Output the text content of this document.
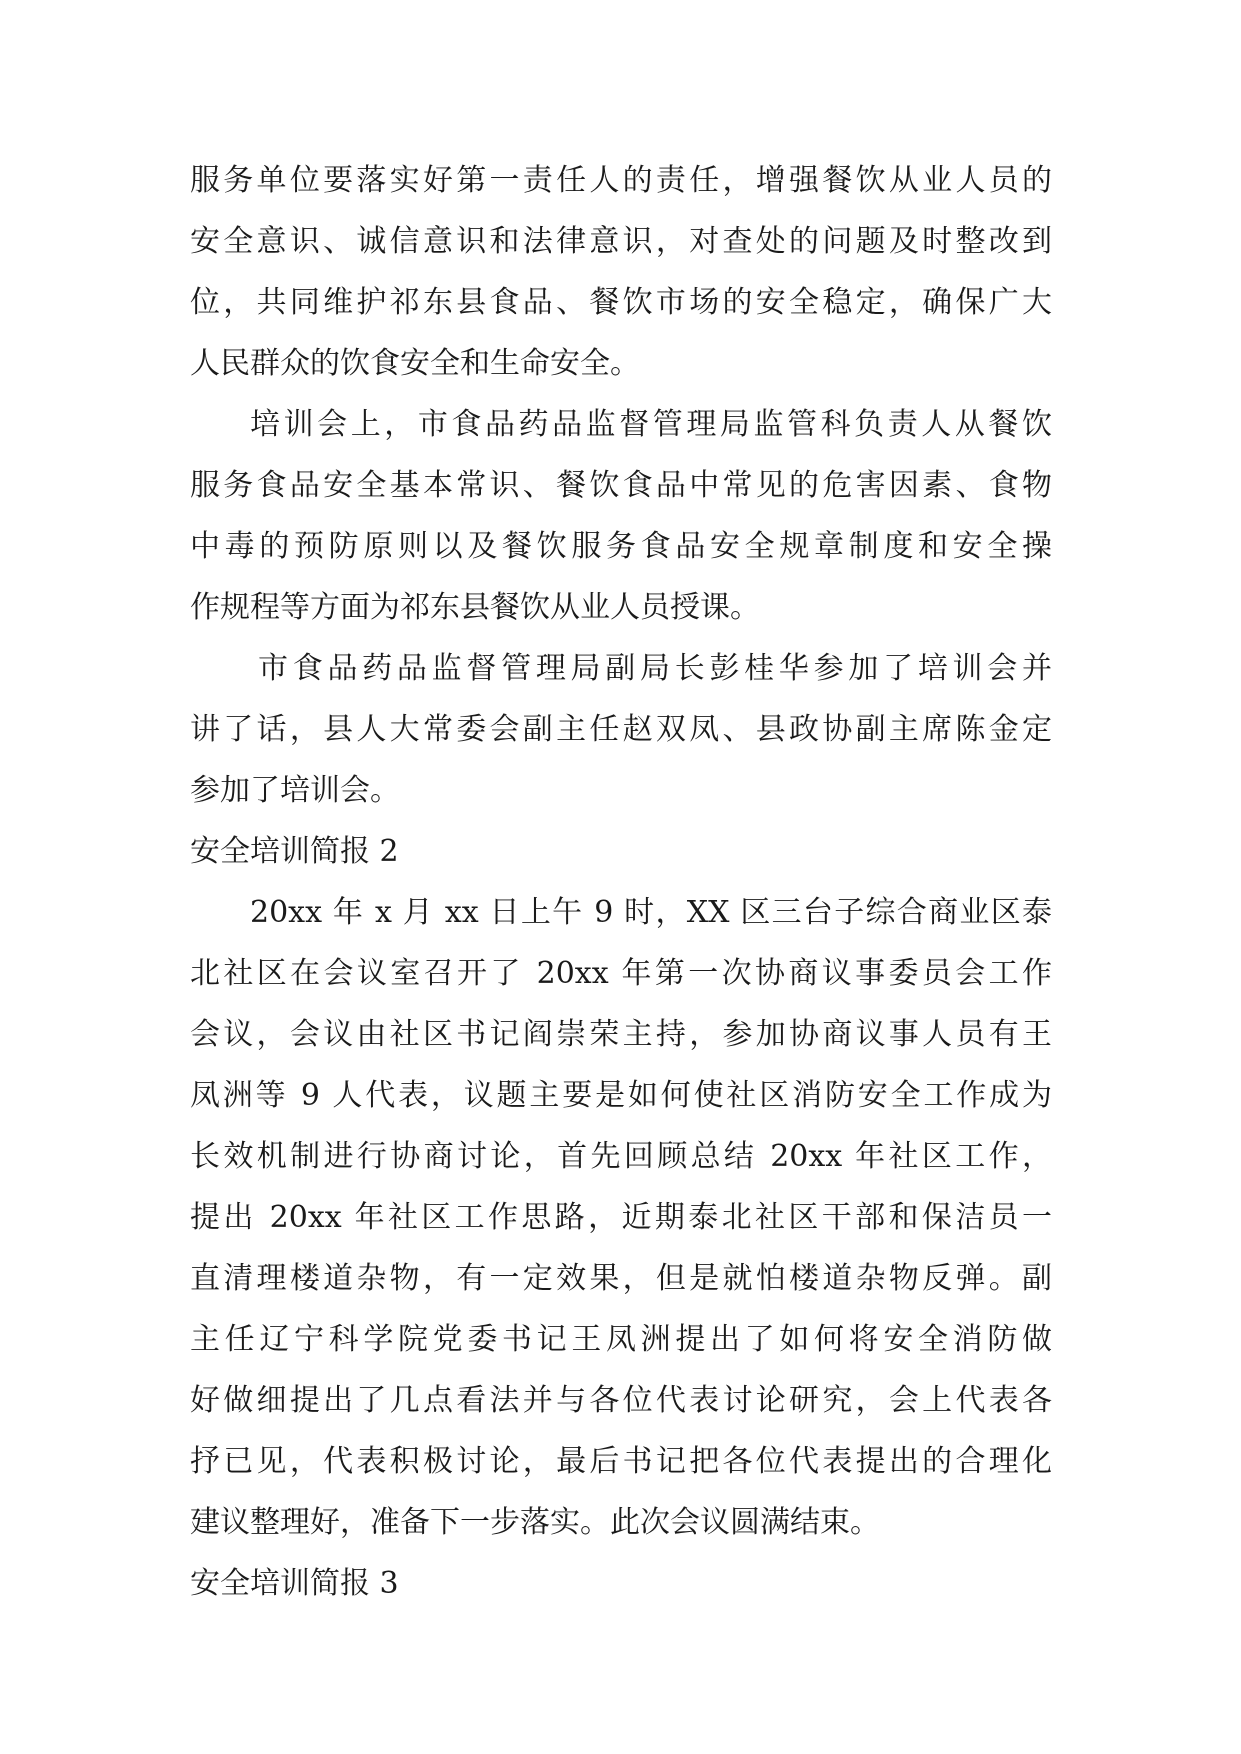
服务单位要落实好第一责任人的责任，增强餐饮从业人员的
安全意识、诚信意识和法律意识，对查处的问题及时整改到
位，共同维护祁东县食品、餐饮市场的安全稳定，确保广大
人民群众的饮食安全和生命安全。
培训会上，市食品药品监督管理局监管科负责人从餐饮
服务食品安全基本常识、餐饮食品中常见的危害因素、食物
中毒的预防原则以及餐饮服务食品安全规章制度和安全操
作规程等方面为祁东县餐饮从业人员授课。
市食品药品监督管理局副局长彭桂华参加了培训会并
讲了话，县人大常委会副主任赵双凤、县政协副主席陈金定
参加了培训会。
安全培训简报 2
20xx 年 x 月 xx 日上午 9 时，XX 区三台子综合商业区泰
北社区在会议室召开了 20xx 年第一次协商议事委员会工作
会议，会议由社区书记阎崇荣主持，参加协商议事人员有王
凤洲等 9 人代表，议题主要是如何使社区消防安全工作成为
长效机制进行协商讨论，首先回顾总结 20xx 年社区工作，
提出 20xx 年社区工作思路，近期泰北社区干部和保洁员一
直清理楼道杂物，有一定效果，但是就怕楼道杂物反弹。副
主任辽宁科学院党委书记王凤洲提出了如何将安全消防做
好做细提出了几点看法并与各位代表讨论研究，会上代表各
抒已见，代表积极讨论，最后书记把各位代表提出的合理化
建议整理好，准备下一步落实。此次会议圆满结束。
安全培训简报 3
